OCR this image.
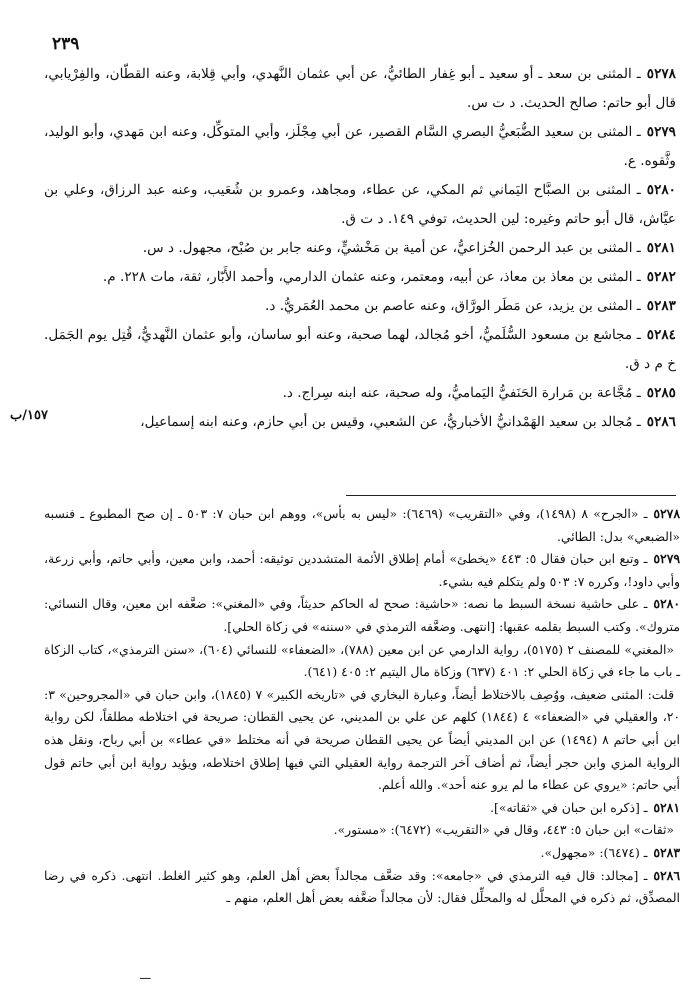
٢٣٩

٥٢٧٨ـ المثنى بن سعد ـ أو سعيد ـ أبو غِفار الطائيُّ، عن أبي عثمان النَّهدي، وأبي قِلابة، وعنه القطّان، والفِرْيابي، قال أبو حاتم: صالح الحديث. د ت س.

٥٢٧٩ـ المثنى بن سعيد الضُّبَعيُّ البصري السَّام القصير، عن أبي مِجْلَز، وأبي المتوكِّل، وعنه ابن مَهدي، وأبو الوليد، وثَّقوه. ع.

٥٢٨٠ـ المثنى بن الصبَّاح اليَماني ثم المكي، عن عطاء، ومجاهد، وعمرو بن شُعَيب، وعنه عبد الرزاق، وعلي بن عيَّاش، قال أبو حاتم وغيره: لين الحديث، توفي ١٤٩. د ت ق.

٥٢٨١ـ المثنى بن عبد الرحمن الخُزاعيُّ، عن أمية بن مَخْشيٍّ، وعنه جابر بن صُبْح، مجهول. د س.

٥٢٨٢ـ المثنى بن معاذ بن معاذ، عن أبيه، ومعتمر، وعنه عثمان الدارمي، وأحمد الأَبّار، ثقة، مات ٢٢٨. م.

٥٢٨٣ـ المثنى بن يزيد، عن مَطَر الورَّاق، وعنه عاصم بن محمد العُمَريُّ. د.

٥٢٨٤ـ مجاشع بن مسعود السُّلَميُّ، أخو مُجالد، لهما صحبة، وعنه أبو ساسان، وأبو عثمان النَّهديُّ، قُتِل يوم الجَمَل. خ م د ق.

٥٢٨٥ـ مُجَّاعة بن مَرارة الحَنَفيُّ اليَماميُّ، وله صحبة، عنه ابنه سِراج. د.

٥٢٨٦ـ مُجالد بن سعيد الهَمْدانيُّ الأخباريُّ، عن الشعبي، وقيس بن أبي حازم، وعنه ابنه إسماعيل،

١٥٧/ب

٥٢٧٨ـ «الجرح» ٨ (١٤٩٨)، وفي «التقريب» (٦٤٦٩): «ليس به بأس»، ووهم ابن حبان ٧: ٥٠٣ ـ إن صح المطبوع ـ فنسبه «الضبعي» بدل: الطائي.

٥٢٧٩ـ وتبع ابن حبان فقال ٥: ٤٤٣ «يخطئ» أمام إطلاق الأئمة المتشددين توثيقه: أحمد، وابن معين، وأبي حاتم، وأبي زرعة، وأبي داود!، وكرره ٧: ٥٠٣ ولم يتكلم فيه بشيء.

٥٢٨٠ـ على حاشية نسخة السبط ما نصه: «حاشية: صحح له الحاكم حديثاً، وفي «المغني»: ضعَّفه ابن معين، وقال النسائي: متروك». وكتب السبط بقلمه عقبها: [انتهى. وضعَّفه الترمذي في «سننه» في زكاة الحلي].

«المغني» للمصنف ٢ (٥١٧٥)، رواية الدارمي عن ابن معين (٧٨٨)، «الضعفاء» للنسائي (٦٠٤)، «سنن الترمذي»، كتاب الزكاة ـ باب ما جاء في زكاة الحلي ٢: ٤٠١ (٦٣٧) وزكاة مال اليتيم ٢: ٤٠٥ (٦٤١).

قلت: المثنى ضعيف، ووُصِف بالاختلاط أيضاً، وعبارة البخاري في «تاريخه الكبير» ٧ (١٨٤٥)، وابن حبان في «المجروحين» ٣: ٢٠، والعقيلي في «الضعفاء» ٤ (١٨٤٤) كلهم عن علي بن المديني، عن يحيى القطان: صريحة في اختلاطه مطلقاً، لكن رواية ابن أبي حاتم ٨ (١٤٩٤) عن ابن المديني أيضاً عن يحيى القطان صريحة في أنه مختلط «في عطاء» بن أبي رباح، ونقل هذه الرواية المزي وابن حجر أيضاً، ثم أضاف آخر الترجمة رواية العقيلي التي فيها إطلاق اختلاطه، ويؤيد رواية ابن أبي حاتم قول أبي حاتم: «يروي عن عطاء ما لم يرو عنه أحد». والله أعلم.

٥٢٨١ـ [ذكره ابن حبان في «ثقاته»].

«ثقات» ابن حبان ٥: ٤٤٣، وقال في «التقريب» (٦٤٧٢): «مستور».

٥٢٨٣ـ (٦٤٧٤): «مجهول».

٥٢٨٦ـ [مجالد: قال فيه الترمذي في «جامعه»: وقد ضعَّف مجالداً بعض أهل العلم، وهو كثير الغلط. انتهى. ذكره في رضا المصدِّق، ثم ذكره في المحلَّل له والمحلِّل فقال: لأن مجالداً ضعَّفه بعض أهل العلم، منهم ـ

ـــ
